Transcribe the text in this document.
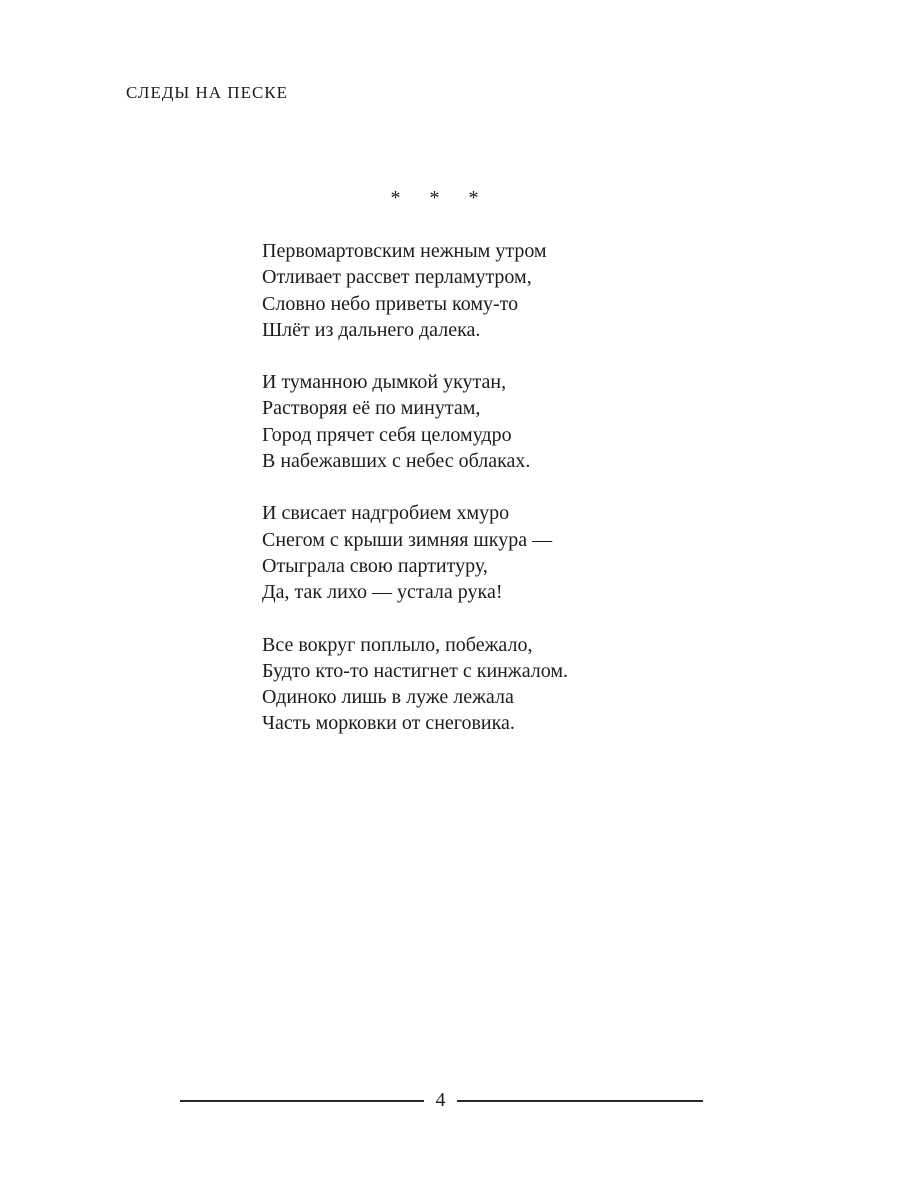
СЛЕДЫ НА ПЕСКЕ
* * *
Первомартовским нежным утром
Отливает рассвет перламутром,
Словно небо приветы кому-то
Шлёт из дальнего далека.
И туманною дымкой укутан,
Растворяя её по минутам,
Город прячет себя целомудро
В набежавших с небес облаках.
И свисает надгробием хмуро
Снегом с крыши зимняя шкура —
Отыграла свою партитуру,
Да, так лихо — устала рука!
Все вокруг поплыло, побежало,
Будто кто-то настигнет с кинжалом.
Одиноко лишь в луже лежала
Часть морковки от снеговика.
4
